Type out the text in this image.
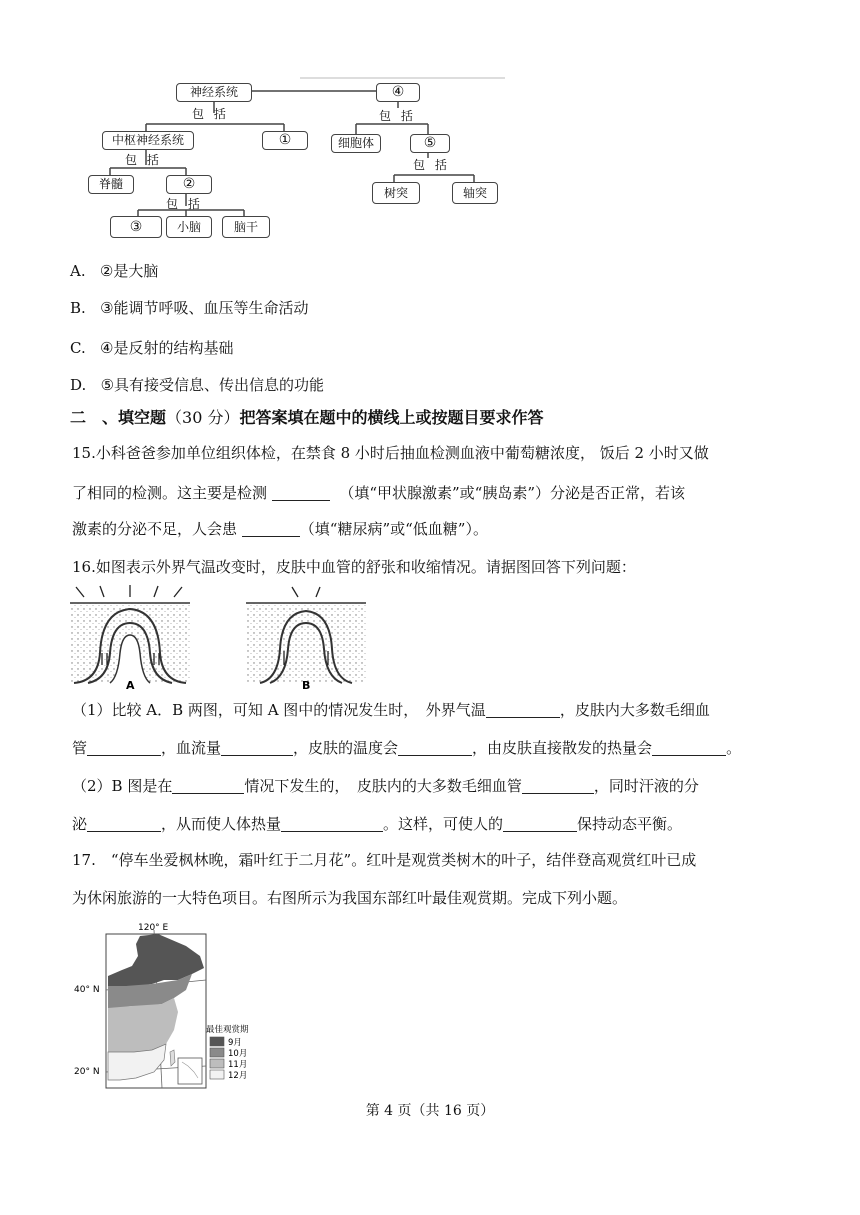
神经系统
包 括
④
包 括
中枢神经系统	①
包 括
细胞体	⑤
包 括
脊髓	②
包 括
树突	轴突
③	小脑	脑干
A. ②是大脑
B. ③能调节呼吸、血压等生命活动
C. ④是反射的结构基础
D. ⑤具有接受信息、传出信息的功能
二　、填空题（30 分）把答案填在题中的横线上或按题目要求作答
15.小科爸爸参加单位组织体检，在禁食 8 小时后抽血检测血液中葡萄糖浓度， 饭后 2 小时又做
了相同的检测。这主要是检测	（填“甲状腺激素”或“胰岛素”）分泌是否正常，若该
激素的分泌不足，人会患	（填“糖尿病”或“低血糖”）。
16.如图表示外界气温改变时，皮肤中血管的舒张和收缩情况。请据图回答下列问题：
A	B
（1）比较 A．B 两图，可知 A 图中的情况发生时，　外界气温	，皮肤内大多数毛细血
管	，血流量	，皮肤的温度会	，由皮肤直接散发的热量会	。
（2）B 图是在	情况下发生的，　皮肤内的大多数毛细血管	，同时汗液的分
泌	，从而使人体热量	。这样，可使人的	保持动态平衡。
17.　“停车坐爱枫林晚，霜叶红于二月花”。红叶是观赏类树木的叶子，结伴登高观赏红叶已成
为休闲旅游的一大特色项目。右图所示为我国东部红叶最佳观赏期。完成下列小题。
120° E
40° N
20° N
最佳观赏期
9月
10月
11月
12月
第 4 页（共 16 页）
